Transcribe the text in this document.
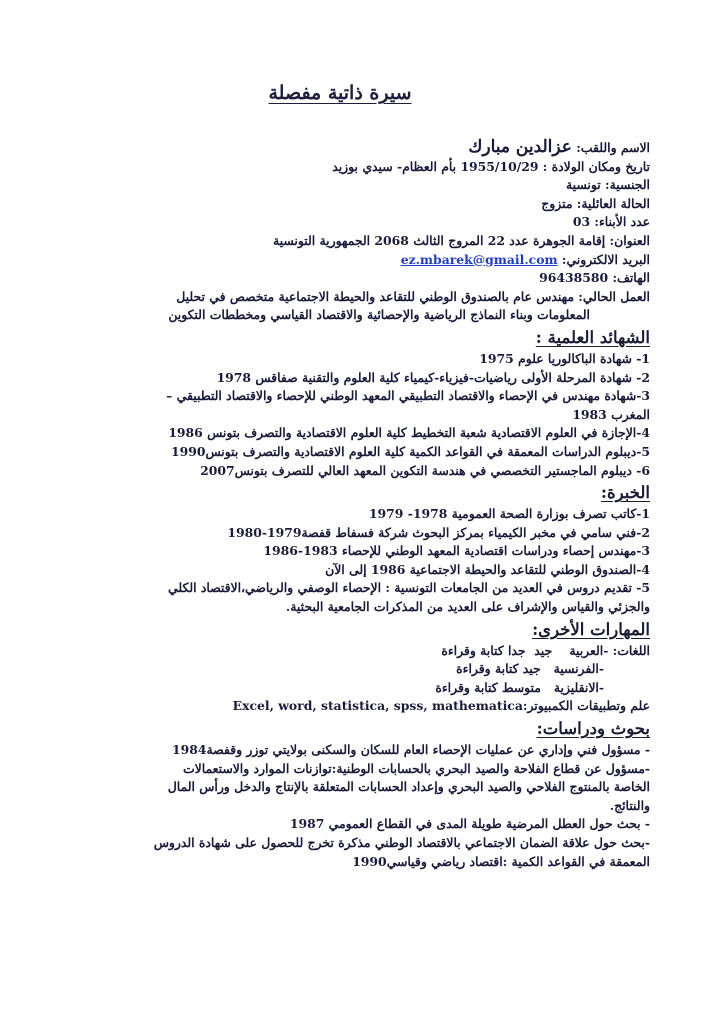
سيرة ذاتية مفصلة
الاسم واللقب: عزالدين مبارك
تاريخ ومكان الولادة : 1955/10/29 بأم العظام- سيدي بوزيد
الجنسية: تونسية
الحالة العائلية: متزوج
عدد الأبناء: 03
العنوان: إقامة الجوهرة عدد 22 المروج الثالث 2068 الجمهورية التونسية
البريد الالكتروني: ez.mbarek@gmail.com
الهاتف: 96438580
العمل الحالي: مهندس عام بالصندوق الوطني للتقاعد والحيطة الاجتماعية متخصص في تحليل
المعلومات وبناء النماذج الرياضية والإحصائية والاقتصاد القياسي ومخططات التكوين
الشهائد العلمية :
1- شهادة الباكالوريا علوم 1975
2- شهادة المرحلة الأولى رياضيات-فيزياء-كيمياء كلية العلوم والتقنية صفاقس 1978
3-شهادة مهندس في الإحصاء والاقتصاد التطبيقي المعهد الوطني للإحصاء والاقتصاد التطبيقي –
المغرب 1983
4-الإجازة في العلوم الاقتصادية شعبة التخطيط كلية العلوم الاقتصادية والتصرف بتونس 1986
5-ديبلوم الدراسات المعمقة في القواعد الكمية كلية العلوم الاقتصادية والتصرف بتونس1990
6- ديبلوم الماجستير التخصصي في هندسة التكوين المعهد العالي للتصرف بتونس2007
الخبرة:
1-كاتب تصرف بوزارة الصحة العمومية 1978- 1979
2-فني سامي في مخبر الكيمياء بمركز البحوث شركة فسفاط قفصة1979-1980
3-مهندس إحصاء ودراسات اقتصادية المعهد الوطني للإحصاء 1983-1986
4-الصندوق الوطني للتقاعد والحيطة الاجتماعية 1986 إلى الآن
5- تقديم دروس في العديد من الجامعات التونسية : الإحصاء الوصفي والرياضي،الاقتصاد الكلي
والجزئي والقياس والإشراف على العديد من المذكرات الجامعية البحثية.
المهارات الأخرى:
اللغات: -العربية    جيد  جدا كتابة وقراءة
-الفرنسية   جيد كتابة وقراءة
-الانقليزية   متوسط كتابة وقراءة
علم وتطبيقات الكمبيوتر:Excel, word, statistica, spss, mathematica
بحوث ودراسات:
- مسؤول فني وإداري عن عمليات الإحصاء العام للسكان والسكنى بولايتي توزر وقفصة1984
-مسؤول عن قطاع الفلاحة والصيد البحري بالحسابات الوطنية:توازنات الموارد والاستعمالات
الخاصة بالمنتوج الفلاحي والصيد البحري وإعداد الحسابات المتعلقة بالإنتاج والدخل ورأس المال
والنتائج.
- بحث حول العطل المرضية طويلة المدى في القطاع العمومي 1987
-بحث حول علاقة الضمان الاجتماعي بالاقتصاد الوطني مذكرة تخرج للحصول على شهادة الدروس
المعمقة في القواعد الكمية :اقتصاد رياضي وقياسي1990
